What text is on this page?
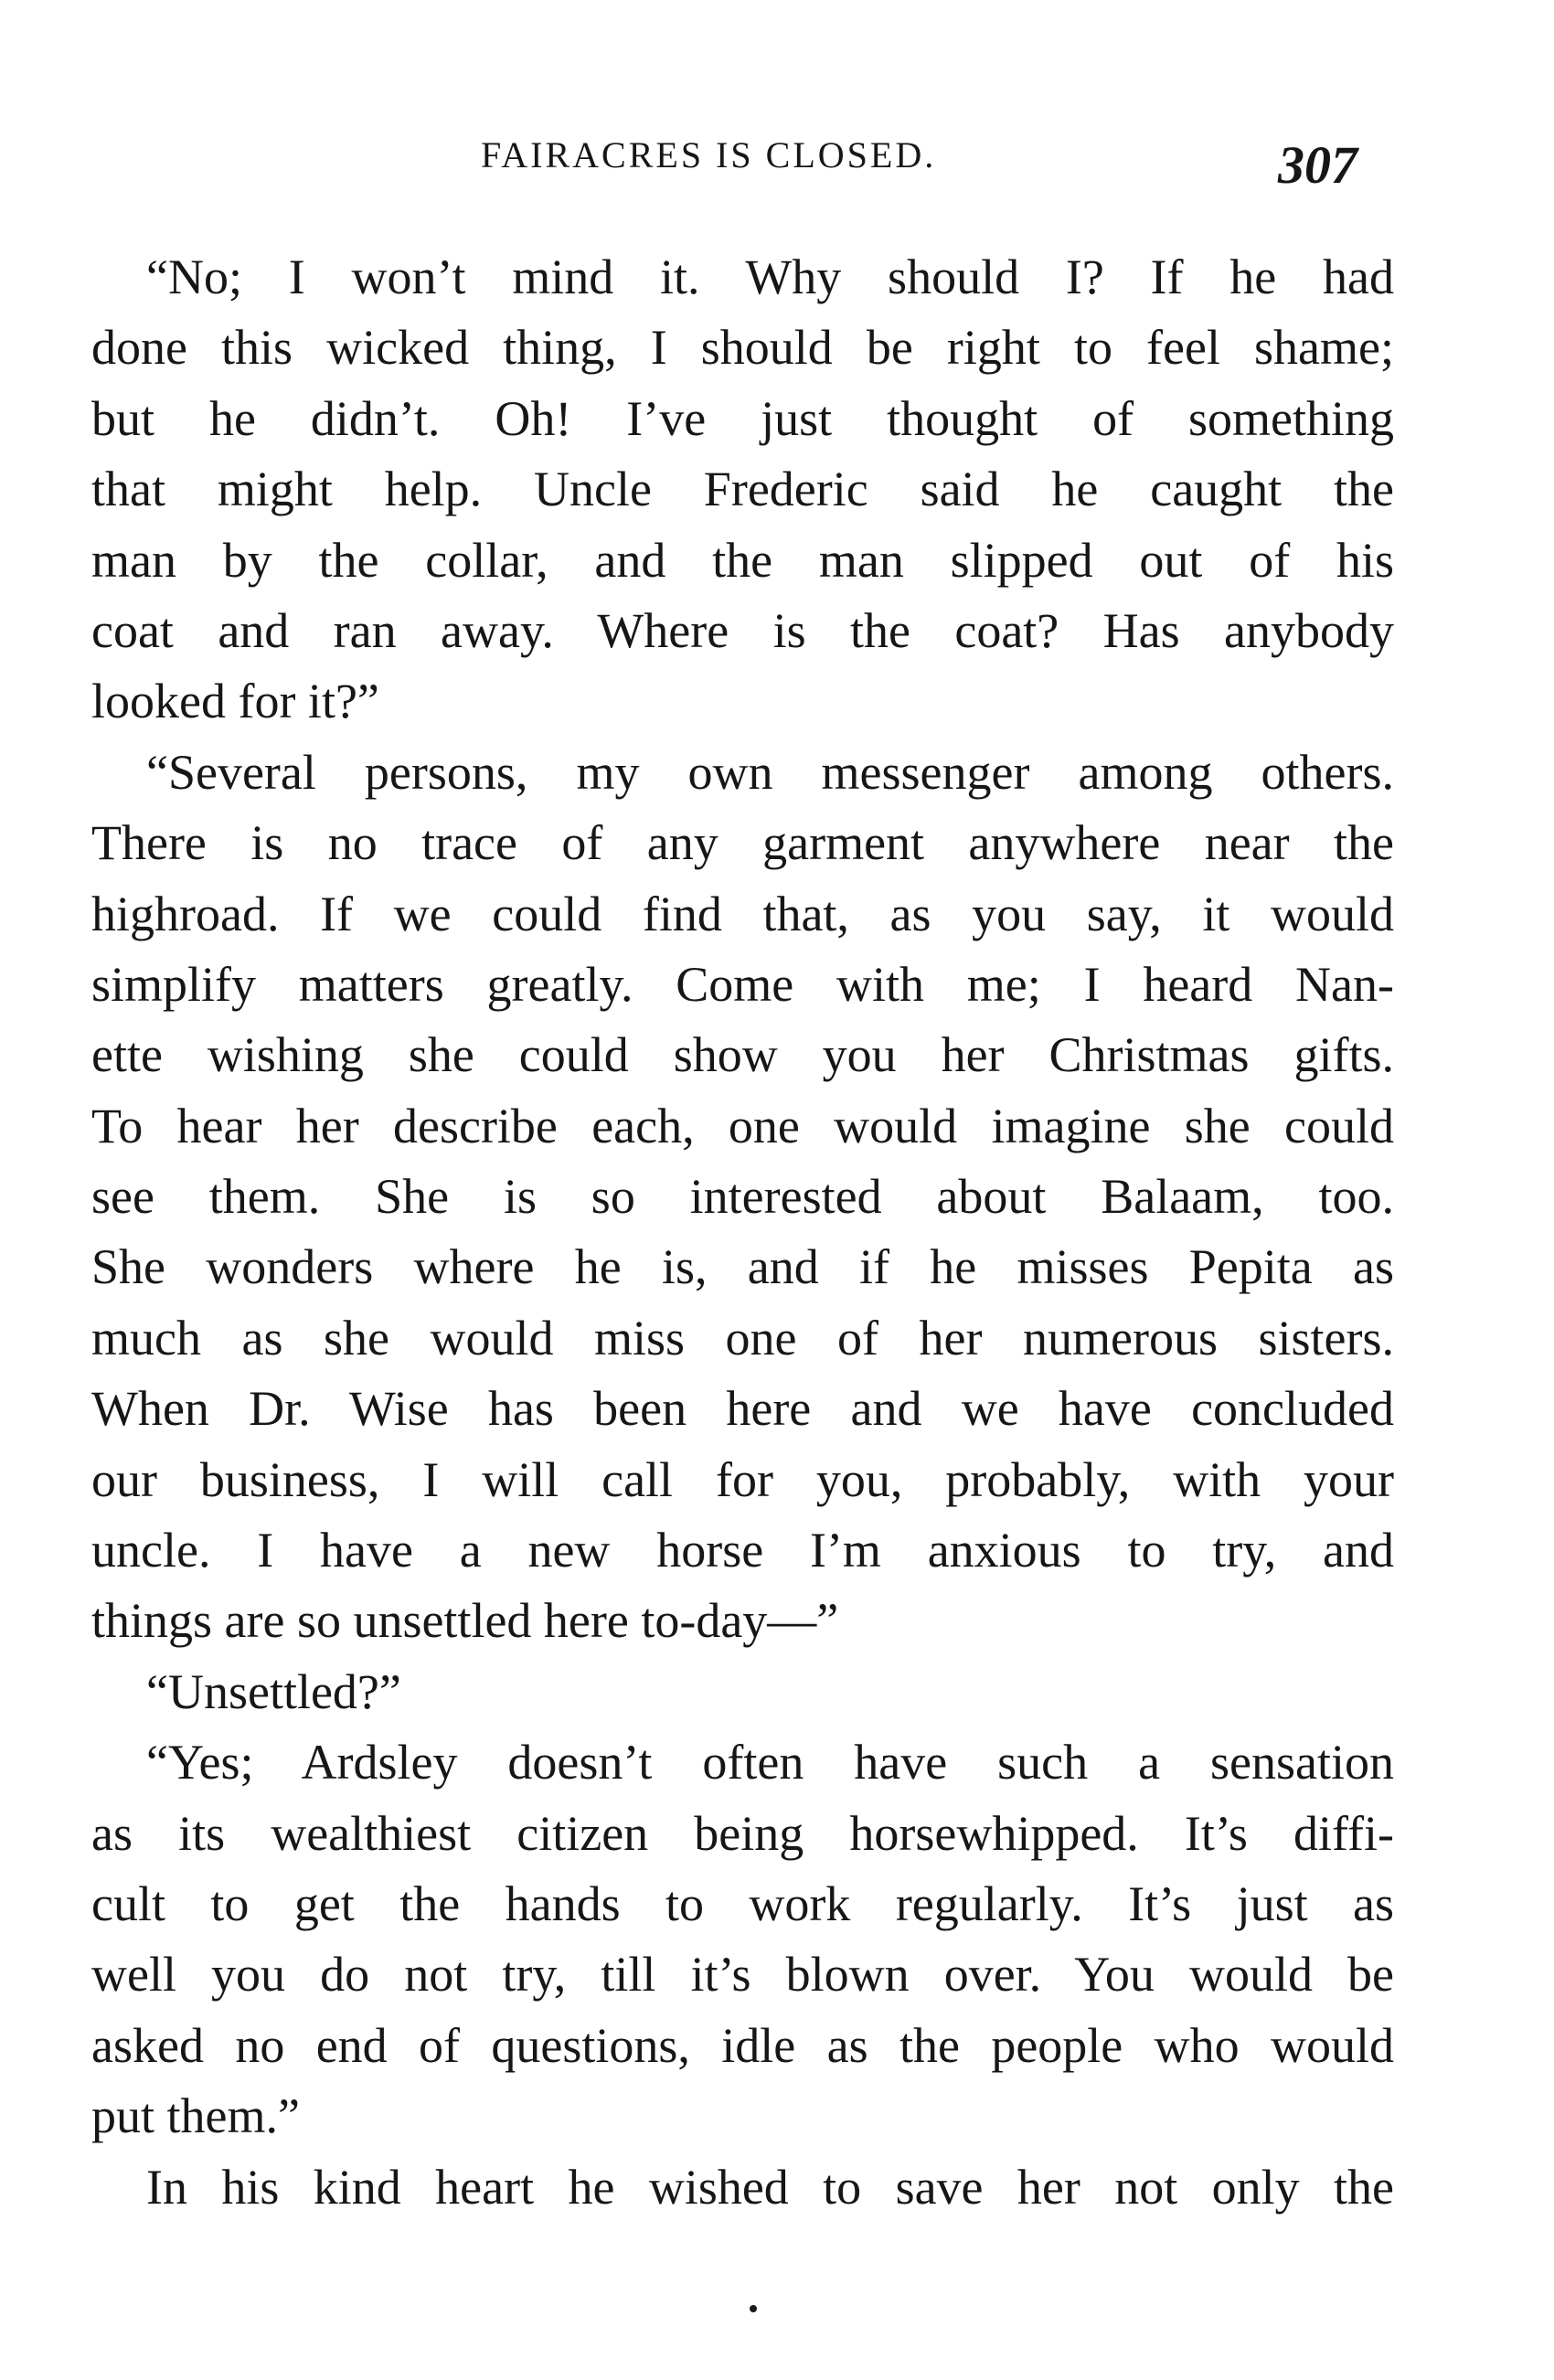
FAIRACRES IS CLOSED.	307
“No; I won’t mind it. Why should I? If he had
done this wicked thing, I should be right to feel shame;
but he didn’t. Oh! I’ve just thought of something
that might help. Uncle Frederic said he caught the
man by the collar, and the man slipped out of his
coat and ran away. Where is the coat? Has anybody
looked for it?”
“Several persons, my own messenger among others.
There is no trace of any garment anywhere near the
highroad. If we could find that, as you say, it would
simplify matters greatly. Come with me; I heard Nan-
ette wishing she could show you her Christmas gifts.
To hear her describe each, one would imagine she could
see them. She is so interested about Balaam, too.
She wonders where he is, and if he misses Pepita as
much as she would miss one of her numerous sisters.
When Dr. Wise has been here and we have concluded
our business, I will call for you, probably, with your
uncle. I have a new horse I’m anxious to try, and
things are so unsettled here to-day—”
“Unsettled?”
“Yes; Ardsley doesn’t often have such a sensation
as its wealthiest citizen being horsewhipped. It’s diffi-
cult to get the hands to work regularly. It’s just as
well you do not try, till it’s blown over. You would be
asked no end of questions, idle as the people who would
put them.”
In his kind heart he wished to save her not only the
